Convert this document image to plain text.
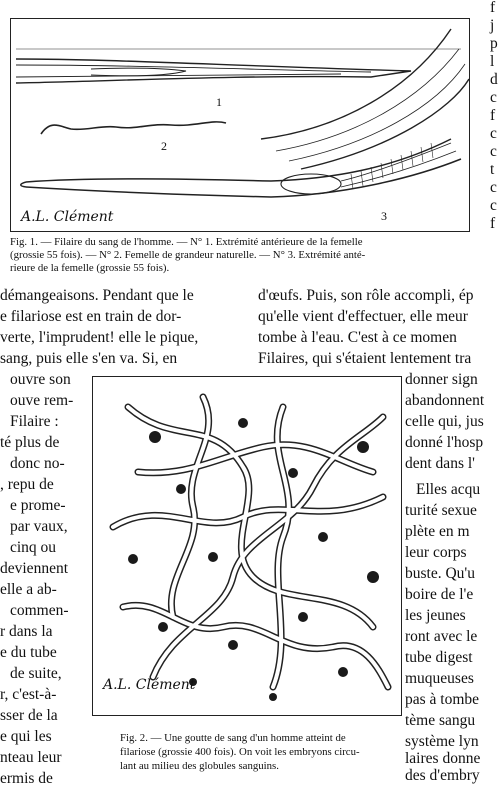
1
2
3
A.L. Clément
Fig. 1. — Filaire du sang de l'homme. — N° 1. Extrémité antérieure de la femelle
(grossie 55 fois). — N° 2. Femelle de grandeur naturelle. — N° 3. Extrémité anté-
rieure de la femelle (grossie 55 fois).
f
j
p
l
d
c
f
c
c
t
c
c
f
démangeaisons. Pendant que le
e filariose est en train de dor-
verte, l'imprudent! elle le pique,
sang, puis elle s'en va. Si, en
ouvre son
ouve rem-
Filaire :
té plus de
donc no-
, repu de
e prome-
par vaux,
cinq ou
deviennent
elle a ab-
commen-
r dans la
e du tube
de suite,
r, c'est-à-
sser de la
e qui les
nteau leur
ermis de
d'œufs. Puis, son rôle accompli, ép
qu'elle vient d'effectuer, elle meur
tombe à l'eau. C'est à ce momen
Filaires, qui s'étaient lentement tra
A.L. Clément
Fig. 2. — Une goutte de sang d'un homme atteint de
filariose (grossie 400 fois). On voit les embryons circu-
lant au milieu des globules sanguins.
donner sign
abandonnent
celle qui, jus
donné l'hosp
dent dans l'
Elles acqu
turité sexue
plète en m
leur corps
buste. Qu'u
boire de l'e
les jeunes
ront avec le
tube digest
muqueuses
pas à tombe
tème sangu
système lyn
laires donne
des d'embry
